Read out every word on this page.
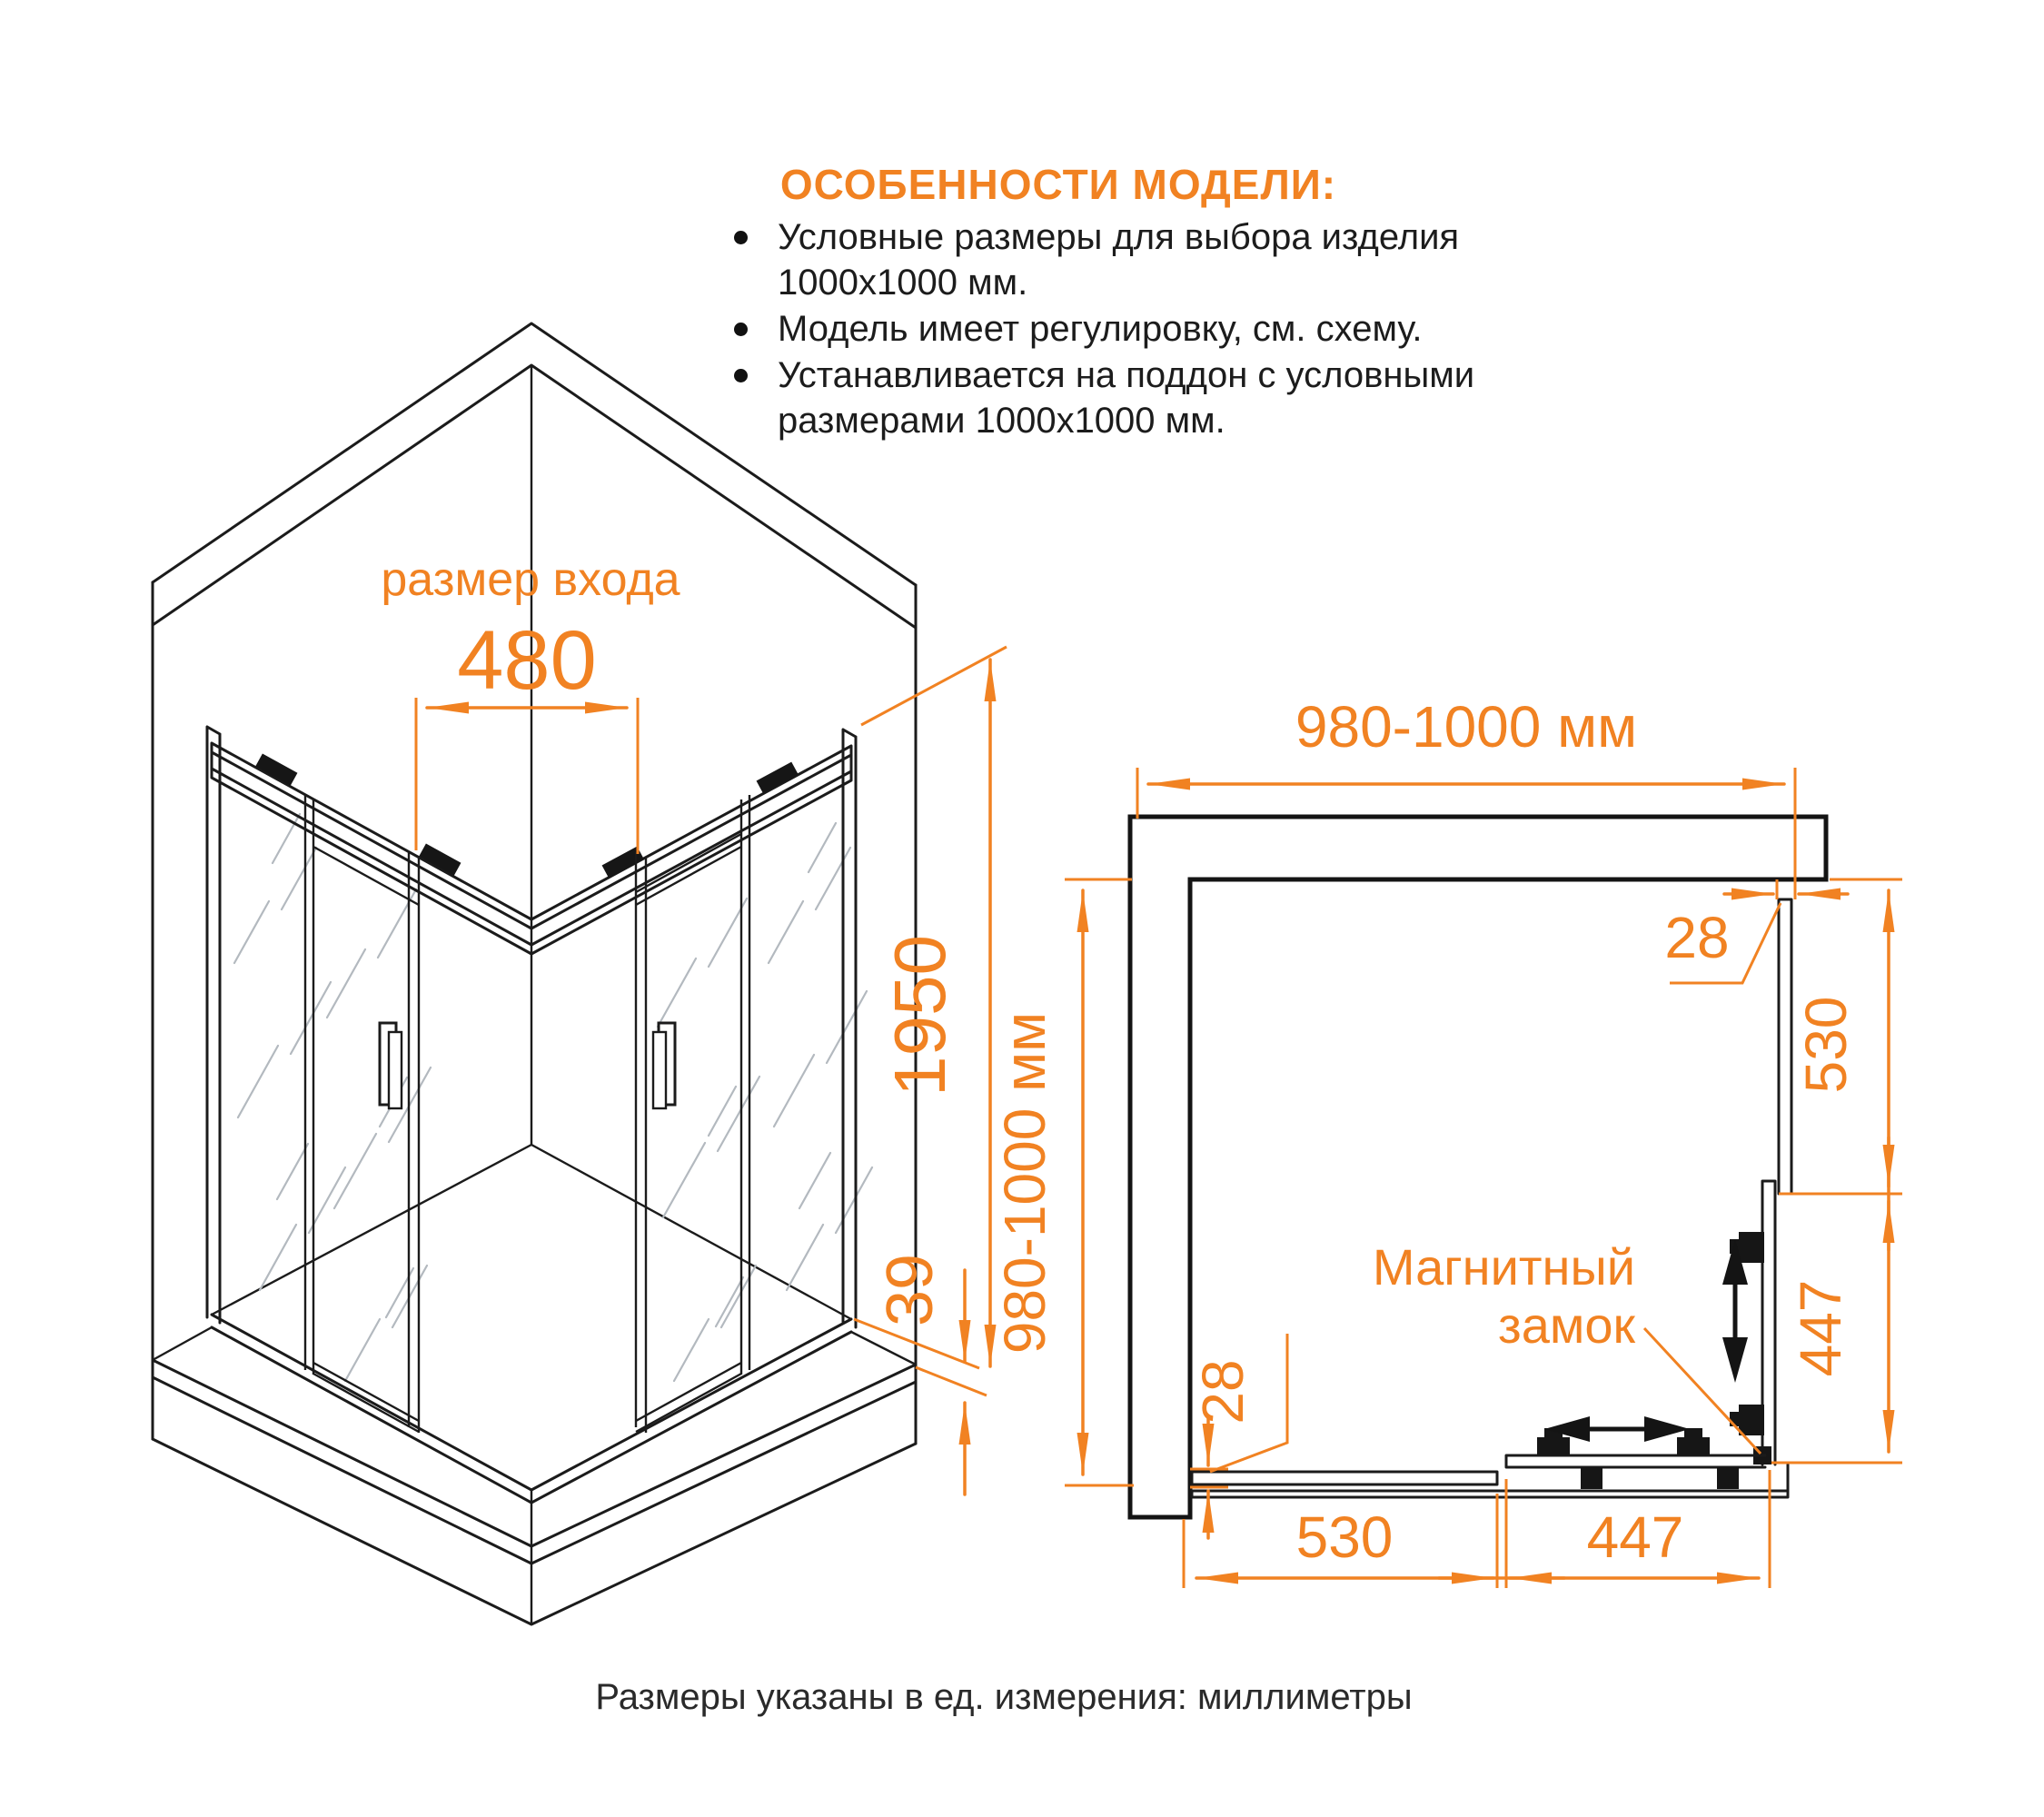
ОСОБЕННОСТИ МОДЕЛИ:
Условные размеры для выбора изделия 1000x1000 мм.
Модель имеет регулировку, см. схему.
Устанавливается на поддон с условными размерами 1000x1000 мм.
размер входа
480
1950
39
980-1000 мм
980-1000 мм
28
530
447
28
530	447
Магнитный
замок
Размеры указаны в ед. измерения: миллиметры
